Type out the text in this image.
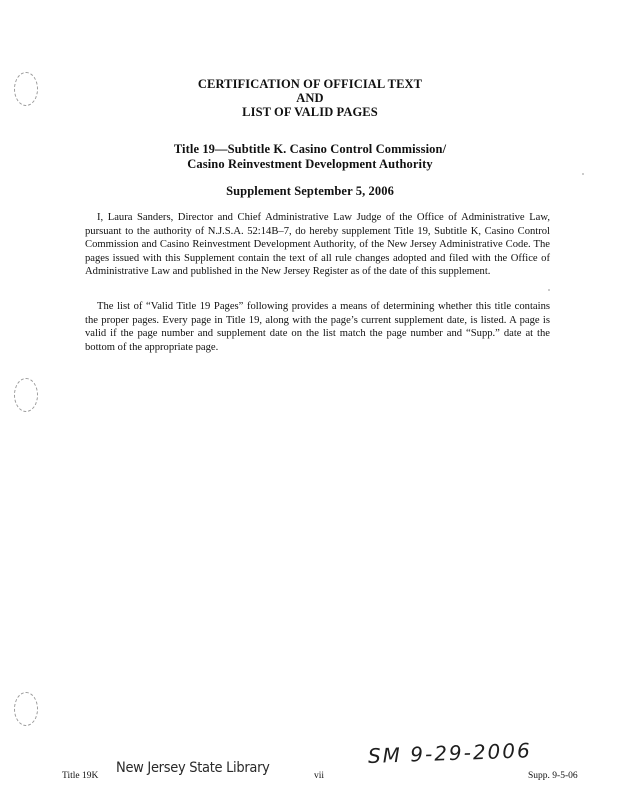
CERTIFICATION OF OFFICIAL TEXT
AND
LIST OF VALID PAGES
Title 19—Subtitle K. Casino Control Commission/
Casino Reinvestment Development Authority
Supplement September 5, 2006

I, Laura Sanders, Director and Chief Administrative Law Judge of the Office of Administrative Law, pursuant to the authority of N.J.S.A. 52:14B–7, do hereby supplement Title 19, Subtitle K, Casino Control Commission and Casino Reinvestment Development Authority, of the New Jersey Administrative Code. The pages issued with this Supplement contain the text of all rule changes adopted and filed with the Office of Administrative Law and published in the New Jersey Register as of the date of this supplement.

The list of “Valid Title 19 Pages” following provides a means of determining whether this title contains the proper pages. Every page in Title 19, along with the page’s current supplement date, is listed. A page is valid if the page number and supplement date on the list match the page number and “Supp.” date at the bottom of the appropriate page.

Title 19K New Jersey State Library	vii
SM 9-29-2006
Supp. 9-5-06
